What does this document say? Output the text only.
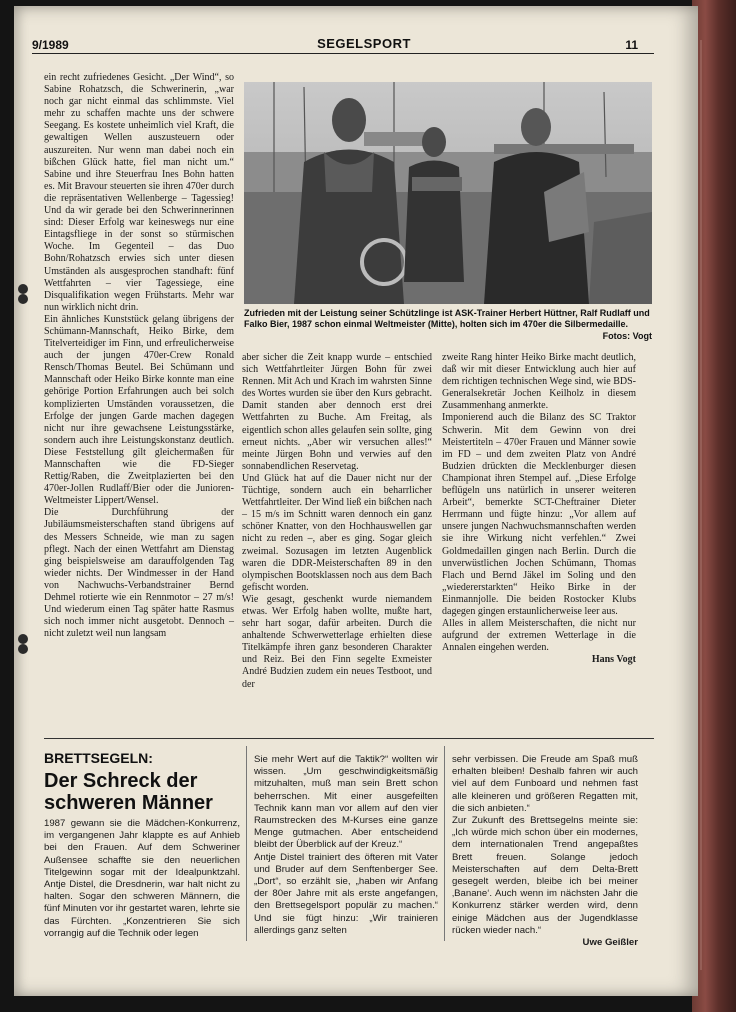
9/1989	SEGELSPORT	11

ein recht zufriedenes Gesicht. „Der Wind“, so Sabine Rohatzsch, die Schwerinerin, „war noch gar nicht einmal das schlimmste. Viel mehr zu schaffen machte uns der schwere Seegang. Es kostete unheimlich viel Kraft, die gewaltigen Wellen auszusteuern oder auszureiten. Nur wenn man dabei noch ein bißchen Glück hatte, fiel man nicht um.“ Sabine und ihre Steuerfrau Ines Bohn hatten es. Mit Bravour steuerten sie ihren 470er durch die repräsentativen Wellenberge – Tagessieg! Und da wir gerade bei den Schwerinnerinnen sind: Dieser Erfolg war keineswegs nur eine Eintagsfliege in der sonst so stürmischen Woche. Im Gegenteil – das Duo Bohn/Rohatzsch erwies sich unter diesen Umständen als ausgesprochen standhaft: fünf Wettfahrten – vier Tagessiege, eine Disqualifikation wegen Frühstarts. Mehr war nun wirklich nicht drin.

Ein ähnliches Kunststück gelang übrigens der Schümann-Mannschaft, Heiko Birke, dem Titelverteidiger im Finn, und erfreulicherweise auch der jungen 470er-Crew Ronald Rensch/Thomas Beutel. Bei Schümann und Mannschaft oder Heiko Birke konnte man eine gehörige Portion Erfahrungen auch bei solch komplizierten Umständen voraussetzen, die Erfolge der jungen Garde machen dagegen nicht nur ihre gewachsene Leistungsstärke, sondern auch ihre Leistungskonstanz deutlich. Diese Feststellung gilt gleichermaßen für Mannschaften wie die FD-Sieger Rettig/Raben, die Zweitplazierten bei den 470er-Jollen Rudlaff/Bier oder die Junioren-Weltmeister Lippert/Wensel.

Die Durchführung der Jubiläumsmeisterschaften stand übrigens auf des Messers Schneide, wie man zu sagen pflegt. Nach der einen Wettfahrt am Dienstag ging beispielsweise am darauffolgenden Tag wieder nichts. Der Windmesser in der Hand von Nachwuchs-Verbandstrainer Bernd Dehmel rotierte wie ein Rennmotor – 27 m/s! Und wiederum einen Tag später hatte Rasmus sich noch immer nicht ausgetobt. Dennoch – nicht zuletzt weil nun langsam

Zufrieden mit der Leistung seiner Schützlinge ist ASK-Trainer Herbert Hüttner, Ralf Rudlaff und Falko Bier, 1987 schon einmal Weltmeister (Mitte), holten sich im 470er die Silbermedaille.
Fotos: Vogt

aber sicher die Zeit knapp wurde – entschied sich Wettfahrtleiter Jürgen Bohn für zwei Rennen. Mit Ach und Krach im wahrsten Sinne des Wortes wurden sie über den Kurs gebracht. Damit standen aber dennoch erst drei Wettfahrten zu Buche. Am Freitag, als eigentlich schon alles gelaufen sein sollte, ging erneut nichts. „Aber wir versuchen alles!“ meinte Jürgen Bohn und verwies auf den sonnabendlichen Reservetag.

Und Glück hat auf die Dauer nicht nur der Tüchtige, sondern auch ein beharrlicher Wettfahrtleiter. Der Wind ließ ein bißchen nach – 15 m/s im Schnitt waren dennoch ein ganz schöner Knatter, von den Hochhauswellen gar nicht zu reden –, aber es ging. Sogar gleich zweimal. Sozusagen im letzten Augenblick waren die DDR-Meisterschaften 89 in den olympischen Bootsklassen noch aus dem Bach gefischt worden.

Wie gesagt, geschenkt wurde niemandem etwas. Wer Erfolg haben wollte, mußte hart, sehr hart sogar, dafür arbeiten. Durch die anhaltende Schwerwetterlage erhielten diese Titelkämpfe ihren ganz besonderen Charakter und Reiz. Bei den Finn segelte Exmeister André Budzien zudem ein neues Testboot, und der

zweite Rang hinter Heiko Birke macht deutlich, daß wir mit dieser Entwicklung auch hier auf dem richtigen technischen Wege sind, wie BDS-Generalsekretär Jochen Keilholz in diesem Zusammenhang anmerkte.

Imponierend auch die Bilanz des SC Traktor Schwerin. Mit dem Gewinn von drei Meistertiteln – 470er Frauen und Männer sowie im FD – und dem zweiten Platz von André Budzien drückten die Mecklenburger diesen Championat ihren Stempel auf. „Diese Erfolge beflügeln uns natürlich in unserer weiteren Arbeit“, bemerkte SCT-Cheftrainer Dieter Herrmann und fügte hinzu: „Vor allem auf unsere jungen Nachwuchsmannschaften werden sie ihre Wirkung nicht verfehlen.“ Zwei Goldmedaillen gingen nach Berlin. Durch die unverwüstlichen Jochen Schümann, Thomas Flach und Bernd Jäkel im Soling und den „wiedererstarkten“ Heiko Birke in der Einmannjolle. Die beiden Rostocker Klubs dagegen gingen erstaunlicherweise leer aus.

Alles in allem Meisterschaften, die nicht nur aufgrund der extremen Wetterlage in die Annalen eingehen werden.

Hans Vogt

BRETTSEGELN:
Der Schreck der schweren Männer

1987 gewann sie die Mädchen-Konkurrenz, im vergangenen Jahr klappte es auf Anhieb bei den Frauen. Auf dem Schweriner Außensee schaffte sie den neuerlichen Titelgewinn sogar mit der Idealpunktzahl. Antje Distel, die Dresdnerin, war halt nicht zu halten. Sogar den schweren Männern, die fünf Minuten vor ihr gestartet waren, lehrte sie das Fürchten. „Konzentrieren Sie sich vorrangig auf die Technik oder legen

Sie mehr Wert auf die Taktik?“ wollten wir wissen. „Um geschwindigkeitsmäßig mitzuhalten, muß man sein Brett schon beherrschen. Mit einer ausgefeilten Technik kann man vor allem auf den vier Raumstrecken des M-Kurses eine ganze Menge gutmachen. Aber entscheidend bleibt der Überblick auf der Kreuz.“

Antje Distel trainiert des öfteren mit Vater und Bruder auf dem Senftenberger See. „Dort“, so erzählt sie, „haben wir Anfang der 80er Jahre mit als erste angefangen, den Brettsegelsport populär zu machen.“ Und sie fügt hinzu: „Wir trainieren allerdings ganz selten

sehr verbissen. Die Freude am Spaß muß erhalten bleiben! Deshalb fahren wir auch viel auf dem Funboard und nehmen fast alle kleineren und größeren Regatten mit, die sich anbieten.“

Zur Zukunft des Brettsegelns meinte sie: „Ich würde mich schon über ein modernes, dem internationalen Trend angepaßtes Brett freuen. Solange jedoch Meisterschaften auf dem Delta-Brett gesegelt werden, bleibe ich bei meiner ‚Banane‘. Auch wenn im nächsten Jahr die Konkurrenz stärker werden wird, denn einige Mädchen aus der Jugendklasse rücken wieder nach.“

Uwe Geißler
